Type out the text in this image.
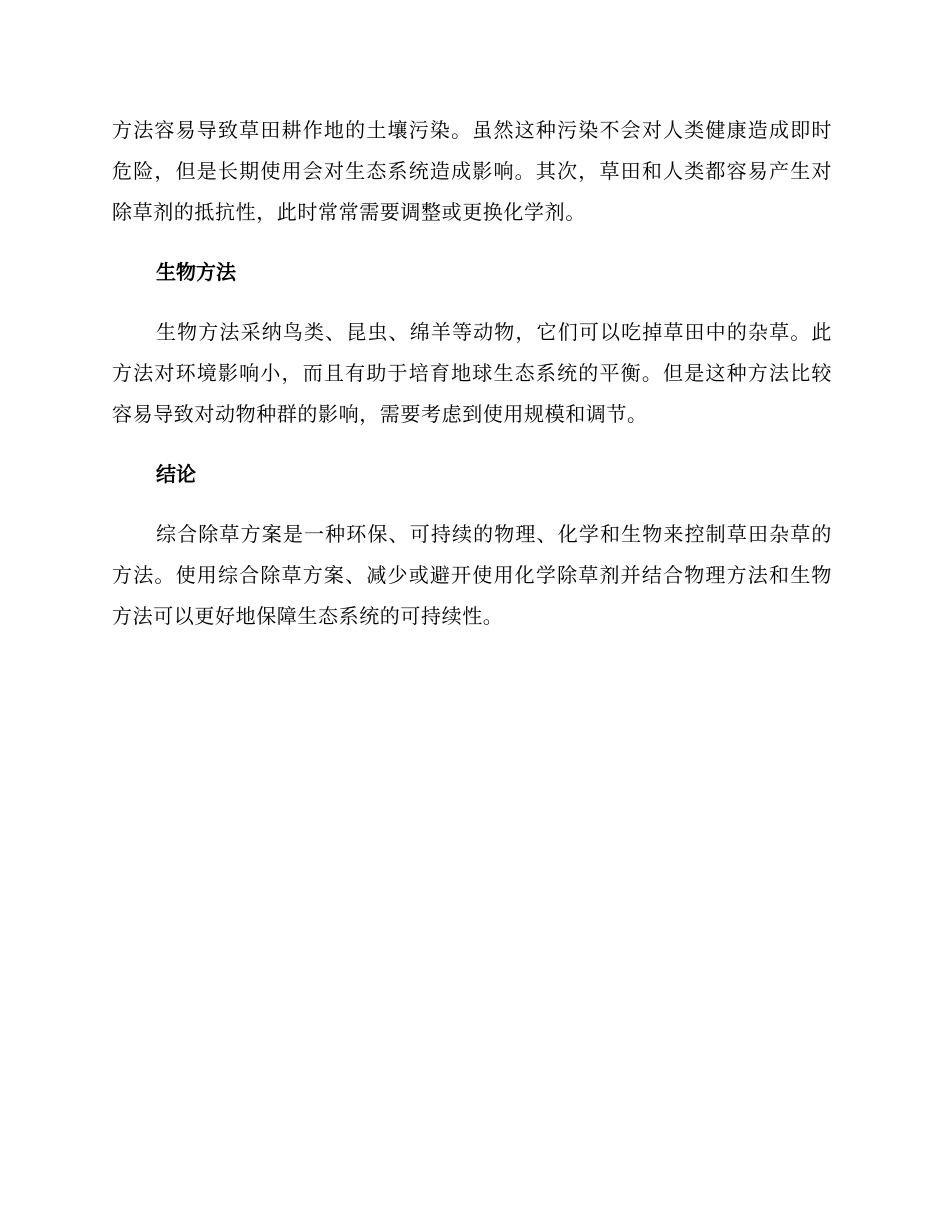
方法容易导致草田耕作地的土壤污染。虽然这种污染不会对人类健康造成即时危险，但是长期使用会对生态系统造成影响。其次，草田和人类都容易产生对除草剂的抵抗性，此时常常需要调整或更换化学剂。

生物方法

生物方法采纳鸟类、昆虫、绵羊等动物，它们可以吃掉草田中的杂草。此方法对环境影响小，而且有助于培育地球生态系统的平衡。但是这种方法比较容易导致对动物种群的影响，需要考虑到使用规模和调节。

结论

综合除草方案是一种环保、可持续的物理、化学和生物来控制草田杂草的方法。使用综合除草方案、减少或避开使用化学除草剂并结合物理方法和生物方法可以更好地保障生态系统的可持续性。
